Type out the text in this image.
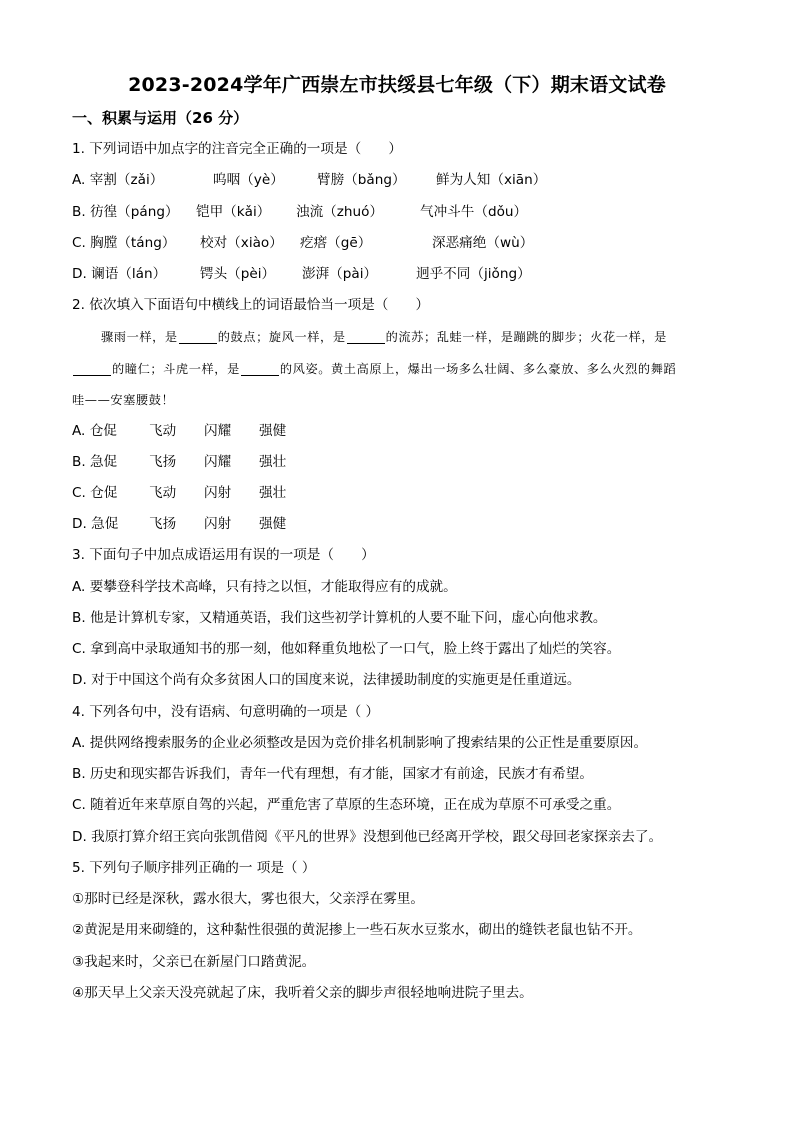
2023-2024学年广西崇左市扶绥县七年级（下）期末语文试卷
一、积累与运用（26 分）
1. 下列词语中加点字的注音完全正确的一项是（　　）
A. 宰割（zǎi）	呜咽（yè） 臂膀（bǎng） 鲜为人知（xiān）
B. 彷徨（páng） 铠甲（kǎi） 浊流（zhuó）	气冲斗牛（dǒu）
C. 胸膛（táng） 校对（xiào） 疙瘩（gē）	深恶痛绝（wù）
D. 谰语（lán） 锷头（pèi） 澎湃（pài）	迥乎不同（jiǒng）
2. 依次填入下面语句中横线上的词语最恰当一项是（　　）
骤雨一样，是	的鼓点；旋风一样，是	的流苏；乱蛙一样，是蹦跳的脚步；火花一样，是
的瞳仁；斗虎一样，是	的风姿。黄土高原上，爆出一场多么壮阔、多么豪放、多么火烈的舞蹈
哇——安塞腰鼓！
A. 仓促 飞动 闪耀 强健
B. 急促 飞扬 闪耀 强壮
C. 仓促 飞动 闪射 强壮
D. 急促 飞扬 闪射 强健
3. 下面句子中加点成语运用有误的一项是（　　）
A. 要攀登科学技术高峰，只有持之以恒，才能取得应有的成就。
B. 他是计算机专家，又精通英语，我们这些初学计算机的人要不耻下问，虚心向他求教。
C. 拿到高中录取通知书的那一刻，他如释重负地松了一口气，脸上终于露出了灿烂的笑容。
D. 对于中国这个尚有众多贫困人口的国度来说，法律援助制度的实施更是任重道远。
4. 下列各句中，没有语病、句意明确的一项是（ ）
A. 提供网络搜索服务的企业必须整改是因为竞价排名机制影响了搜索结果的公正性是重要原因。
B. 历史和现实都告诉我们，青年一代有理想，有才能，国家才有前途，民族才有希望。
C. 随着近年来草原自驾的兴起，严重危害了草原的生态环境，正在成为草原不可承受之重。
D. 我原打算介绍王宾向张凯借阅《平凡的世界》没想到他已经离开学校，跟父母回老家探亲去了。
5. 下列句子顺序排列正确的一 项是（ ）
①那时已经是深秋，露水很大，雾也很大，父亲浮在雾里。
②黄泥是用来砌缝的，这种黏性很强的黄泥掺上一些石灰水豆浆水，砌出的缝铁老鼠也钻不开。
③我起来时，父亲已在新屋门口踏黄泥。
④那天早上父亲天没亮就起了床，我听着父亲的脚步声很轻地响进院子里去。
